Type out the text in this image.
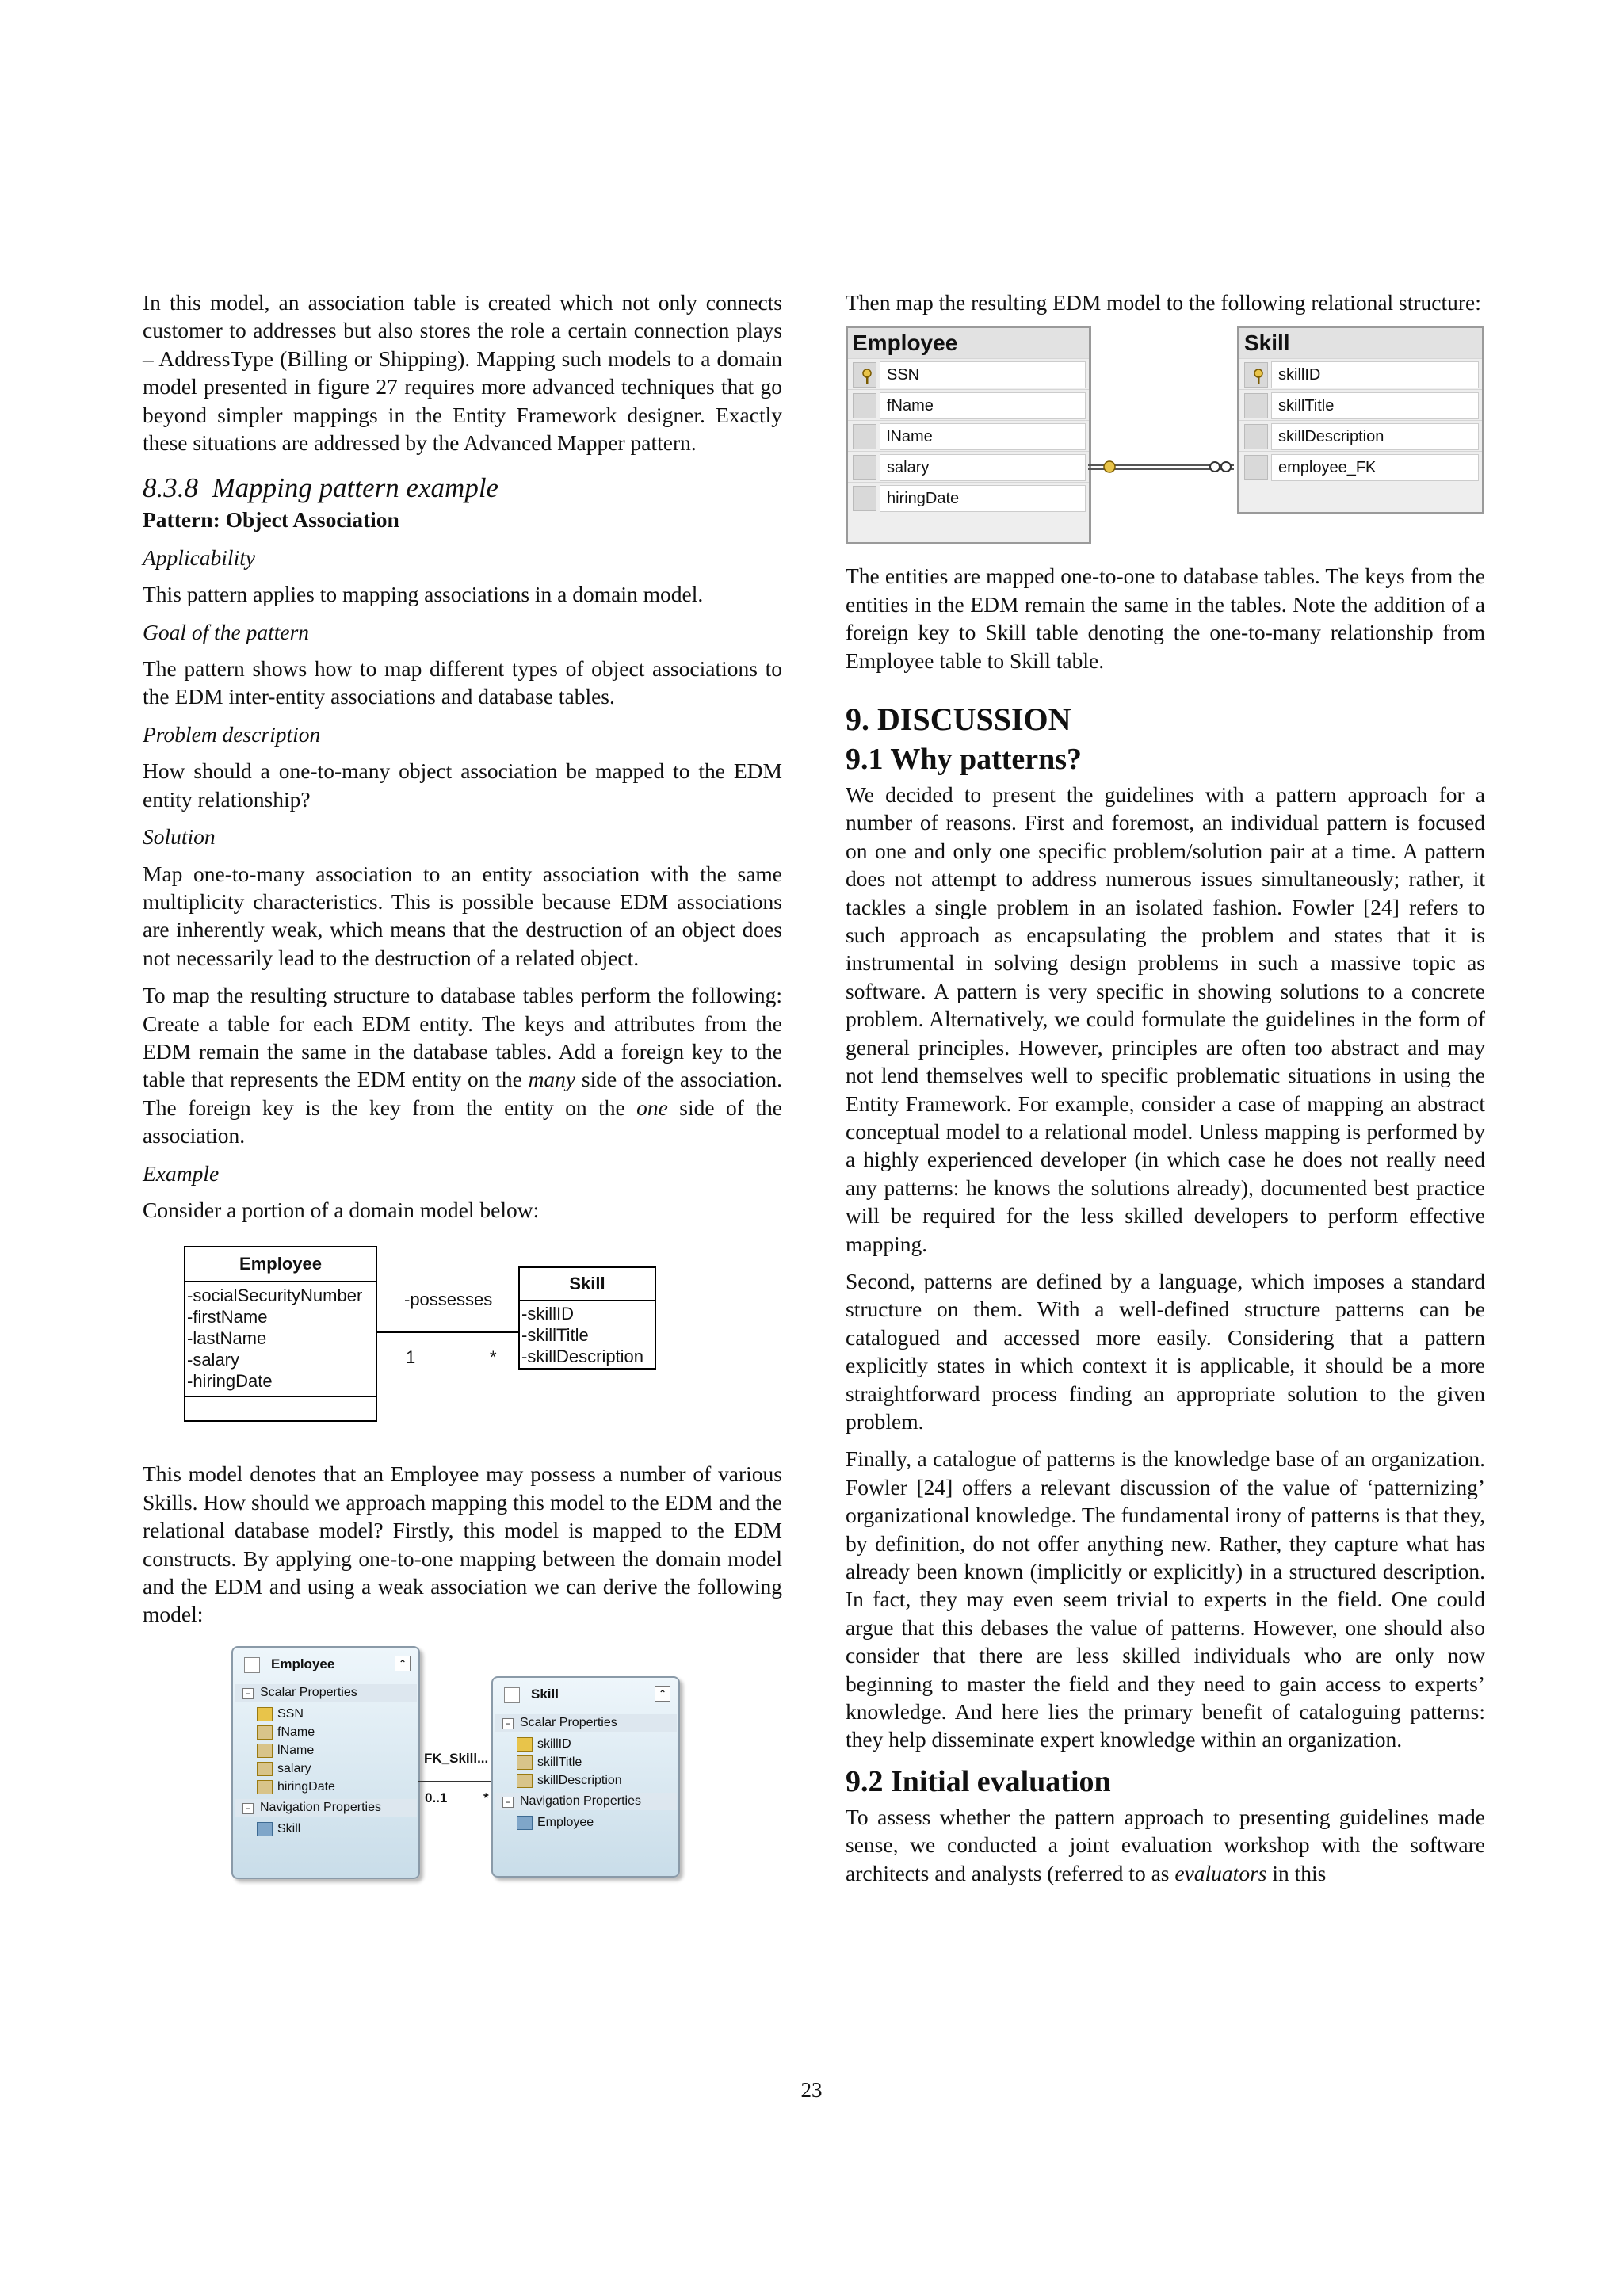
In this model, an association table is created which not only connects customer to addresses but also stores the role a certain connection plays – AddressType (Billing or Shipping). Mapping such models to a domain model presented in figure 27 requires more advanced techniques that go beyond simpler mappings in the Entity Framework designer. Exactly these situations are addressed by the Advanced Mapper pattern.

8.3.8 Mapping pattern example
Pattern: Object Association

Applicability

This pattern applies to mapping associations in a domain model.

Goal of the pattern

The pattern shows how to map different types of object associations to the EDM inter-entity associations and database tables.

Problem description

How should a one-to-many object association be mapped to the EDM entity relationship?

Solution

Map one-to-many association to an entity association with the same multiplicity characteristics. This is possible because EDM associations are inherently weak, which means that the destruction of an object does not necessarily lead to the destruction of a related object.

To map the resulting structure to database tables perform the following: Create a table for each EDM entity. The keys and attributes from the EDM remain the same in the database tables. Add a foreign key to the table that represents the EDM entity on the many side of the association. The foreign key is the key from the entity on the one side of the association.

Example

Consider a portion of a domain model below:

Employee
-socialSecurityNumber
-firstName
-lastName
-salary
-hiringDate
-possesses
1	*
Skill
-skillID
-skillTitle
-skillDescription

This model denotes that an Employee may possess a number of various Skills. How should we approach mapping this model to the EDM and the relational database model? Firstly, this model is mapped to the EDM constructs. By applying one-to-one mapping between the domain model and the EDM and using a weak association we can derive the following model:

Employee	⌃
− Scalar Properties
SSN
fName
lName
salary
hiringDate
− Navigation Properties
Skill
FK_Skill...
0..1	*
Skill	⌃
− Scalar Properties
skillID
skillTitle
skillDescription
− Navigation Properties
Employee

Then map the resulting EDM model to the following relational structure:

Employee
SSN
fName
lName
salary
hiringDate
Skill
skillID
skillTitle
skillDescription
employee_FK

The entities are mapped one-to-one to database tables. The keys from the entities in the EDM remain the same in the tables. Note the addition of a foreign key to Skill table denoting the one-to-many relationship from Employee table to Skill table.

9. DISCUSSION
9.1 Why patterns?

We decided to present the guidelines with a pattern approach for a number of reasons. First and foremost, an individual pattern is focused on one and only one specific problem/solution pair at a time. A pattern does not attempt to address numerous issues simultaneously; rather, it tackles a single problem in an isolated fashion. Fowler [24] refers to such approach as encapsulating the problem and states that it is instrumental in solving design problems in such a massive topic as software. A pattern is very specific in showing solutions to a concrete problem. Alternatively, we could formulate the guidelines in the form of general principles. However, principles are often too abstract and may not lend themselves well to specific problematic situations in using the Entity Framework. For example, consider a case of mapping an abstract conceptual model to a relational model. Unless mapping is performed by a highly experienced developer (in which case he does not really need any patterns: he knows the solutions already), documented best practice will be required for the less skilled developers to perform effective mapping.

Second, patterns are defined by a language, which imposes a standard structure on them. With a well-defined structure patterns can be catalogued and accessed more easily. Considering that a pattern explicitly states in which context it is applicable, it should be a more straightforward process finding an appropriate solution to the given problem.

Finally, a catalogue of patterns is the knowledge base of an organization. Fowler [24] offers a relevant discussion of the value of ‘patternizing’ organizational knowledge. The fundamental irony of patterns is that they, by definition, do not offer anything new. Rather, they capture what has already been known (implicitly or explicitly) in a structured description. In fact, they may even seem trivial to experts in the field. One could argue that this debases the value of patterns. However, one should also consider that there are less skilled individuals who are only now beginning to master the field and they need to gain access to experts’ knowledge. And here lies the primary benefit of cataloguing patterns: they help disseminate expert knowledge within an organization.

9.2 Initial evaluation

To assess whether the pattern approach to presenting guidelines made sense, we conducted a joint evaluation workshop with the software architects and analysts (referred to as evaluators in this

23
